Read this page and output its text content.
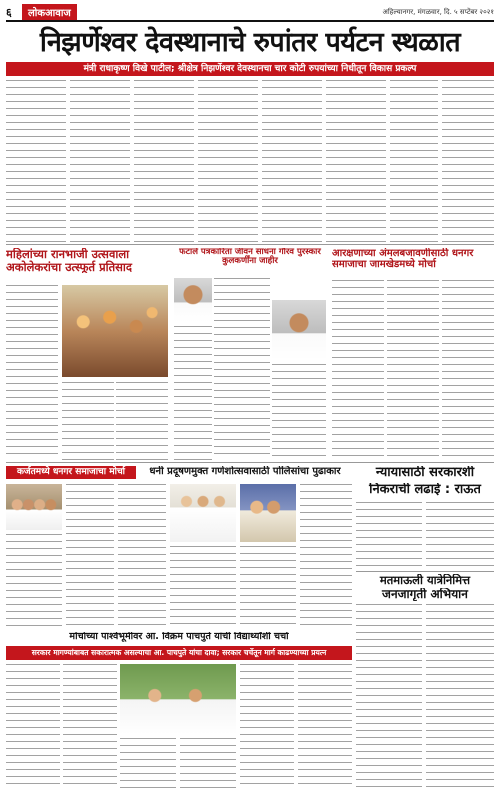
६	लोकआवाज	अहिल्यानगर, मंगळवार, दि. ५ सप्टेंबर २०२१
निझर्णेश्वर देवस्थानाचे रुपांतर पर्यटन स्थळात
मंत्री राधाकृष्ण विखे पाटील; श्रीक्षेत्र निझर्णेश्वर देवस्थानचा चार कोटी रुपयांच्या निधीतून विकास प्रकल्प
महिलांच्या रानभाजी उत्सवाला अकोलेकरांचा उत्स्फूर्त प्रतिसाद
फटाले पत्रकारिता जीवन साधना गौरव पुरस्कार कुलकर्णींना जाहीर
आरक्षणाच्या अंमलबजावणीसाठी धनगर समाजाचा जामखेडमध्ये मोर्चा
कर्जतमध्ये धनगर समाजाचा मोर्चा	धनी प्रदूषणमुक्त गणेशोत्सवासाठी पोलिसांचा पुढाकार	न्यायासाठी सरकारशी
निकराची लढाई : राऊत
मतमाऊली यात्रेनिमित्त
जनजागृती अभियान
मोर्चाच्या पार्श्वभूमीवर आ. विक्रम पाचपुते यांची विद्यार्थ्यांशी चर्चा
सरकार मागण्यांबाबत सकारात्मक असल्याचा आ. पाचपुते यांचा दावा; सरकार चर्चेतून मार्ग काढण्याच्या प्रयत्न
